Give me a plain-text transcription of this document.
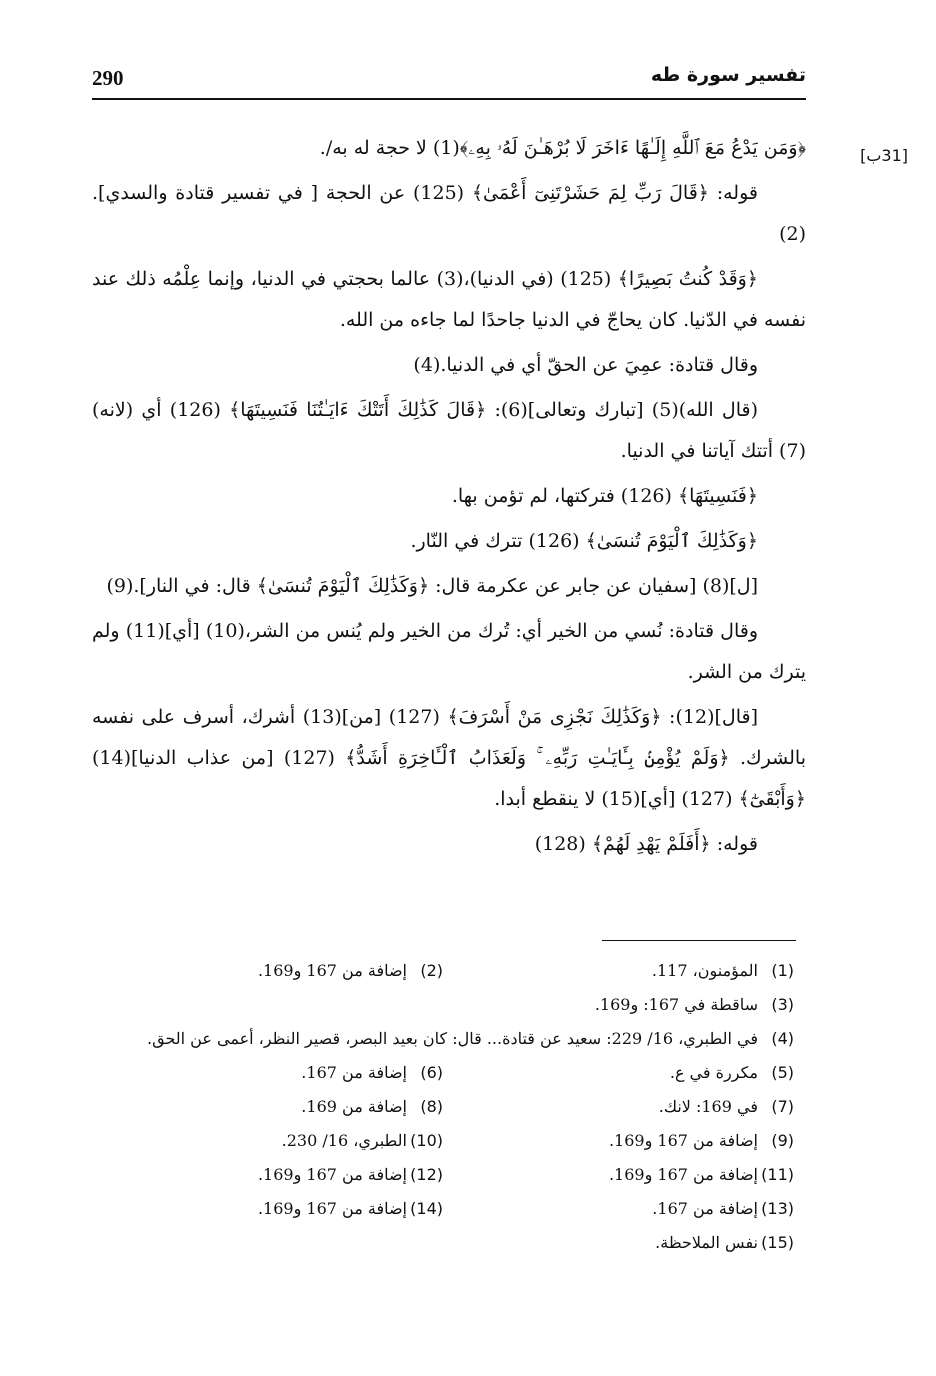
تفسير سورة طه
290
[31ب]

﴿وَمَن يَدْعُ مَعَ ٱللَّهِ إِلَـٰهًا ءَاخَرَ لَا بُرْهَـٰنَ لَهُۥ بِهِۦ﴾(1) لا حجة له به/.

قوله: ﴿قَالَ رَبِّ لِمَ حَشَرْتَنِىٓ أَعْمَىٰ﴾ (125) عن الحجة [ في تفسير قتادة والسدي].(2)

﴿وَقَدْ كُنتُ بَصِيرًا﴾ (125) (في الدنيا)،(3) عالما بحجتي في الدنيا، وإنما عِلْمُه ذلك عند نفسه في الدّنيا. كان يحاجّ في الدنيا جاحدًا لما جاءه من الله.

وقال قتادة: عمِيَ عن الحقّ أي في الدنيا.(4)

(قال الله)(5) [تبارك وتعالى](6): ﴿قَالَ كَذَٰلِكَ أَتَتْكَ ءَايَـٰتُنَا فَنَسِيتَهَا﴾ (126) أي (لانه)(7) أتتك آياتنا في الدنيا.

﴿فَنَسِيتَهَا﴾ (126) فتركتها، لم تؤمن بها.

﴿وَكَذَٰلِكَ ٱلْيَوْمَ تُنسَىٰ﴾ (126) تترك في النّار.

[ل](8) [سفيان عن جابر عن عكرمة قال: ﴿وَكَذَٰلِكَ ٱلْيَوْمَ تُنسَىٰ﴾ قال: في النار].(9)

وقال قتادة: نُسي من الخير أي: تُرك من الخير ولم يُنس من الشر،(10) [أي](11) ولم يترك من الشر.

[قال](12): ﴿وَكَذَٰلِكَ نَجْزِى مَنْ أَسْرَفَ﴾ (127) [من](13) أشرك، أسرف على نفسه بالشرك. ﴿وَلَمْ يُؤْمِنۢ بِـَٔايَـٰتِ رَبِّهِۦ ۚ وَلَعَذَابُ ٱلْـَٔاخِرَةِ أَشَدُّ﴾ (127) [من عذاب الدنيا](14) ﴿وَأَبْقَىٰٓ﴾ (127) [أي](15) لا ينقطع أبدا.

قوله: ﴿أَفَلَمْ يَهْدِ لَهُمْ﴾ (128)

(1)المؤمنون، 117.
(2)إضافة من 167 و169.
(3)ساقطة في 167: و169.
(4)في الطبري، 16/ 229: سعيد عن قتادة... قال: كان بعيد البصر، قصير النظر، أعمى عن الحق.
(5)مكررة في ع.
(6)إضافة من 167.
(7)في 169: لانك.
(8)إضافة من 169.
(9)إضافة من 167 و169.
(10)الطبري، 16/ 230.
(11)إضافة من 167 و169.
(12)إضافة من 167 و169.
(13)إضافة من 167.
(14)إضافة من 167 و169.
(15)نفس الملاحظة.
